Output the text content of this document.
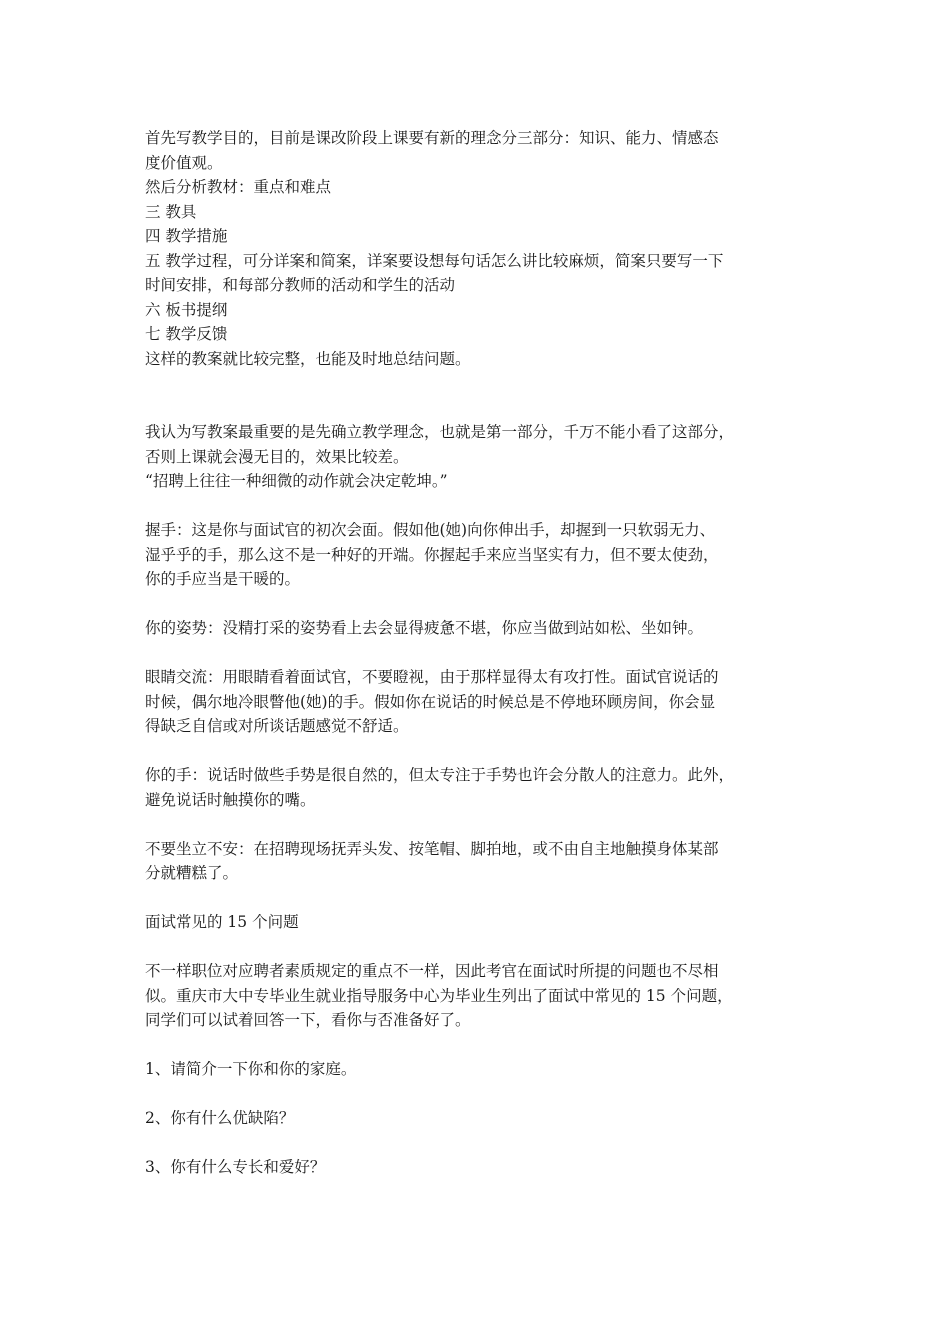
首先写教学目的，目前是课改阶段上课要有新的理念分三部分：知识、能力、情感态
度价值观。
然后分析教材：重点和难点
三 教具
四 教学措施
五 教学过程，可分详案和简案，详案要设想每句话怎么讲比较麻烦，简案只要写一下
时间安排，和每部分教师的活动和学生的活动
六 板书提纲
七 教学反馈
这样的教案就比较完整，也能及时地总结问题。
我认为写教案最重要的是先确立教学理念，也就是第一部分，千万不能小看了这部分，
否则上课就会漫无目的，效果比较差。
“招聘上往往一种细微的动作就会决定乾坤。”
握手：这是你与面试官的初次会面。假如他(她)向你伸出手，却握到一只软弱无力、
湿乎乎的手，那么这不是一种好的开端。你握起手来应当坚实有力，但不要太使劲，
你的手应当是干暖的。
你的姿势：没精打采的姿势看上去会显得疲惫不堪，你应当做到站如松、坐如钟。
眼睛交流：用眼睛看着面试官，不要瞪视，由于那样显得太有攻打性。面试官说话的
时候，偶尔地冷眼瞥他(她)的手。假如你在说话的时候总是不停地环顾房间，你会显
得缺乏自信或对所谈话题感觉不舒适。
你的手：说话时做些手势是很自然的，但太专注于手势也许会分散人的注意力。此外，
避免说话时触摸你的嘴。
不要坐立不安：在招聘现场抚弄头发、按笔帽、脚拍地，或不由自主地触摸身体某部
分就糟糕了。
面试常见的 15 个问题
不一样职位对应聘者素质规定的重点不一样，因此考官在面试时所提的问题也不尽相
似。重庆市大中专毕业生就业指导服务中心为毕业生列出了面试中常见的 15 个问题，
同学们可以试着回答一下，看你与否准备好了。
1、请简介一下你和你的家庭。
2、你有什么优缺陷？
3、你有什么专长和爱好？
